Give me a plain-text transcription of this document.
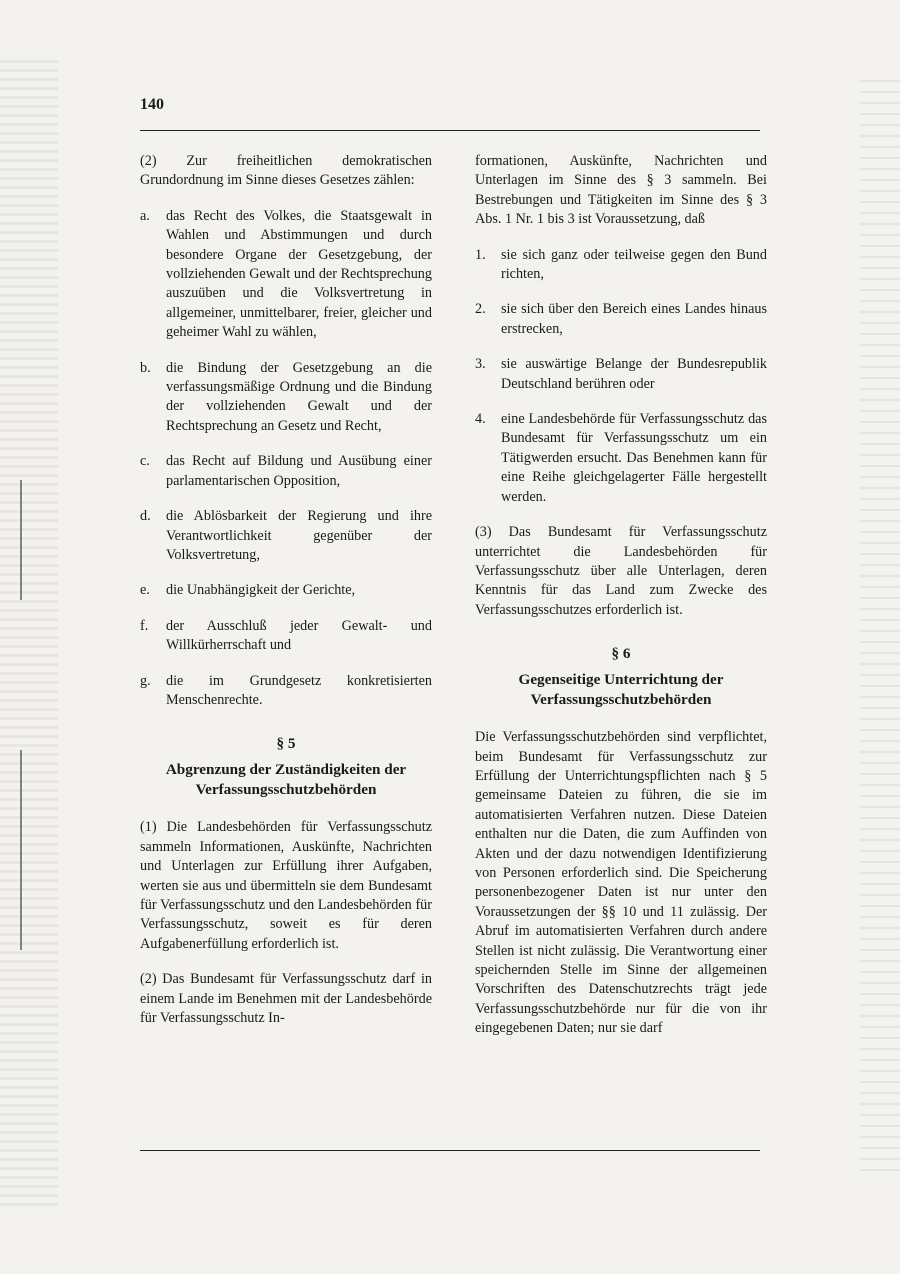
140

(2) Zur freiheitlichen demokratischen Grundordnung im Sinne dieses Gesetzes zählen:

a.	das Recht des Volkes, die Staatsgewalt in Wahlen und Abstimmungen und durch besondere Organe der Gesetzgebung, der vollziehenden Gewalt und der Rechtsprechung auszuüben und die Volksvertretung in allgemeiner, unmittelbarer, freier, gleicher und geheimer Wahl zu wählen,
b.	die Bindung der Gesetzgebung an die verfassungsmäßige Ordnung und die Bindung der vollziehenden Gewalt und der Rechtsprechung an Gesetz und Recht,
c.	das Recht auf Bildung und Ausübung einer parlamentarischen Opposition,
d.	die Ablösbarkeit der Regierung und ihre Verantwortlichkeit gegenüber der Volksvertretung,
e.	die Unabhängigkeit der Gerichte,
f.	der Ausschluß jeder Gewalt- und Willkürherrschaft und
g.	die im Grundgesetz konkretisierten Menschenrechte.
§ 5
Abgrenzung der Zuständigkeiten der Verfassungsschutzbehörden

(1) Die Landesbehörden für Verfassungsschutz sammeln Informationen, Auskünfte, Nachrichten und Unterlagen zur Erfüllung ihrer Aufgaben, werten sie aus und übermitteln sie dem Bundesamt für Verfassungsschutz und den Landesbehörden für Verfassungsschutz, soweit es für deren Aufgabenerfüllung erforderlich ist.

(2) Das Bundesamt für Verfassungsschutz darf in einem Lande im Benehmen mit der Landesbehörde für Verfassungsschutz In-

formationen, Auskünfte, Nachrichten und Unterlagen im Sinne des § 3 sammeln. Bei Bestrebungen und Tätigkeiten im Sinne des § 3 Abs. 1 Nr. 1 bis 3 ist Voraussetzung, daß

1.	sie sich ganz oder teilweise gegen den Bund richten,
2.	sie sich über den Bereich eines Landes hinaus erstrecken,
3.	sie auswärtige Belange der Bundesrepublik Deutschland berühren oder
4.	eine Landesbehörde für Verfassungsschutz das Bundesamt für Verfassungsschutz um ein Tätigwerden ersucht. Das Benehmen kann für eine Reihe gleichgelagerter Fälle hergestellt werden.

(3) Das Bundesamt für Verfassungsschutz unterrichtet die Landesbehörden für Verfassungsschutz über alle Unterlagen, deren Kenntnis für das Land zum Zwecke des Verfassungsschutzes erforderlich ist.

§ 6
Gegenseitige Unterrichtung der Verfassungsschutzbehörden

Die Verfassungsschutzbehörden sind verpflichtet, beim Bundesamt für Verfassungsschutz zur Erfüllung der Unterrichtungspflichten nach § 5 gemeinsame Dateien zu führen, die sie im automatisierten Verfahren nutzen. Diese Dateien enthalten nur die Daten, die zum Auffinden von Akten und der dazu notwendigen Identifizierung von Personen erforderlich sind. Die Speicherung personenbezogener Daten ist nur unter den Voraussetzungen der §§ 10 und 11 zulässig. Der Abruf im automatisierten Verfahren durch andere Stellen ist nicht zulässig. Die Verantwortung einer speichernden Stelle im Sinne der allgemeinen Vorschriften des Datenschutzrechts trägt jede Verfassungsschutzbehörde nur für die von ihr eingegebenen Daten; nur sie darf
